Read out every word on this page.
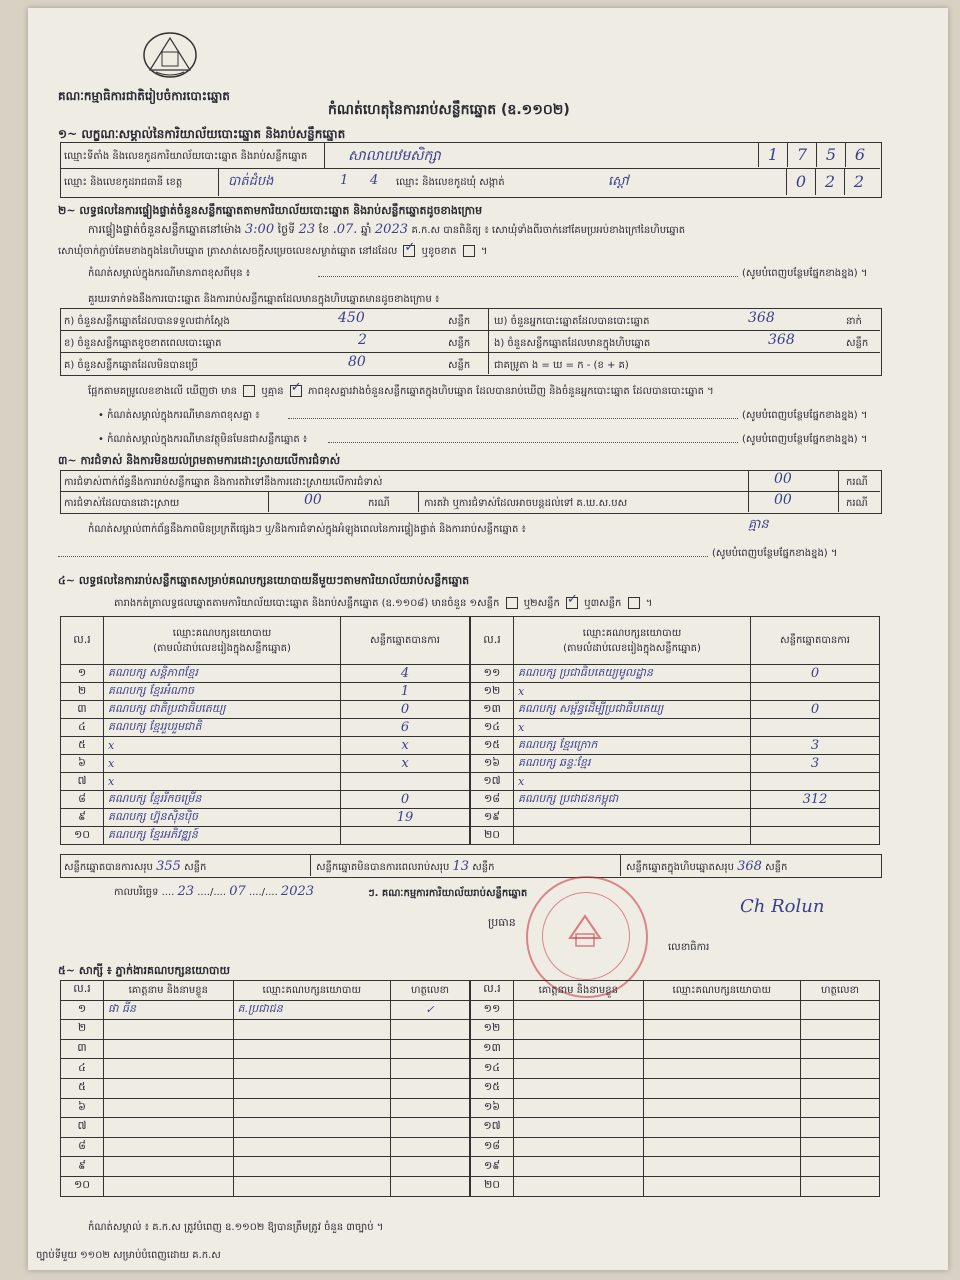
គណៈកម្មាធិការជាតិរៀបចំការបោះឆ្នោត
កំណត់ហេតុនៃការរាប់សន្លឹកឆ្នោត (ឧ.១១០២)
១~ លក្ខណៈសម្គាល់នៃការិយាល័យបោះឆ្នោត និងរាប់សន្លឹកឆ្នោត
ឈ្មោះទីតាំង និងលេខកូដការិយាល័យបោះឆ្នោត និងរាប់សន្លឹកឆ្នោត	សាលាបឋមសិក្សា	1 7 5 6
ឈ្មោះ និងលេខកូដរាជធានី ខេត្ត	បាត់ដំបង	1 4 ឈ្មោះ និងលេខកូដឃុំ សង្កាត់	ស្ដៅ	0 2 2
២~ លទ្ធផលនៃការផ្ទៀងផ្ទាត់ចំនួនសន្លឹកឆ្នោតតាមការិយាល័យបោះឆ្នោត និងរាប់សន្លឹកឆ្នោតដូចខាងក្រោម
ការផ្ទៀងផ្ទាត់ចំនួនសន្លឹកឆ្នោតនៅម៉ោង 3:00 ថ្ងៃទី 23 ខែ .07. ឆ្នាំ 2023 គ.ក.ស បានពិនិត្យ ៖ សោឃុំទាំងពីរចាក់នៅគែមប្រអប់ខាងក្រៅនៃហិបឆ្នោត
សោឃុំចាក់ភ្ជាប់គែមខាងក្នុងនៃហិបឆ្នោត ត្រាសាត់សេចក្ដីសម្រេចលេខសម្ងាត់ឆ្នោត នៅដដែល ✓ ឬខូចខាត  ។
កំណត់សម្គាល់ក្នុងករណីមានភាពខុសពីមុន ៖	(សូមបំពេញបន្ថែមផ្នែកខាងខ្នង) ។
គួរឃរទាក់ទងនឹងការបោះឆ្នោត និងការរាប់សន្លឹកឆ្នោតដែលមានក្នុងហិបឆ្នោតមានដូចខាងក្រោម ៖
ក) ចំនួនសន្លឹកឆ្នោតដែលបានទទួលជាក់ស្ដែង	450	សន្លឹក
ខ) ចំនួនសន្លឹកឆ្នោតខូចខាតពេលបោះឆ្នោត	2	សន្លឹក
គ) ចំនួនសន្លឹកឆ្នោតដែលមិនបានប្រើ	80	សន្លឹក
ឃ) ចំនួនអ្នកបោះឆ្នោតដែលបានបោះឆ្នោត	368	នាក់
ង) ចំនួនសន្លឹកឆ្នោតដែលមានក្នុងហិបឆ្នោត	368	សន្លឹក
ជាគម្រូតា ង = ឃ = ក - (ខ + គ)
ផ្អែកតាមគម្រូលេខខាងលើ ឃើញថា មាន ឬគ្មាន ✓ ភាពខុសគ្នារវាងចំនួនសន្លឹកឆ្នោតក្នុងហិបឆ្នោត ដែលបានរាប់ឃើញ និងចំនួនអ្នកបោះឆ្នោត ដែលបានបោះឆ្នោត ។
• កំណត់សម្គាល់ក្នុងករណីមានភាពខុសគ្នា ៖	(សូមបំពេញបន្ថែមផ្នែកខាងខ្នង) ។
• កំណត់សម្គាល់ក្នុងករណីមានវត្ថុមិនមែនជាសន្លឹកឆ្នោត ៖	(សូមបំពេញបន្ថែមផ្នែកខាងខ្នង) ។
៣~ ការជំទាស់ និងការមិនយល់ព្រមតាមការដោះស្រាយលើការជំទាស់
ការជំទាស់ពាក់ព័ន្ធនឹងការរាប់សន្លឹកឆ្នោត និងការតវ៉ាទៅនឹងការដោះស្រាយលើការជំទាស់	00	ករណី
ការជំទាស់ដែលបានដោះស្រាយ	00	ករណី	ការតវ៉ា ឬការជំទាស់ដែលអាចបន្តដល់ទៅ គ.ឃ.ស.បស	00	ករណី
កំណត់សម្គាល់ពាក់ព័ន្ធនឹងភាពមិនប្រក្រតីផ្សេងៗ ឬ/និងការជំទាស់ក្នុងអំឡុងពេលនៃការផ្ទៀងផ្ទាត់ និងការរាប់សន្លឹកឆ្នោត ៖	គ្មាន
(សូមបំពេញបន្ថែមផ្នែកខាងខ្នង) ។
៤~ លទ្ធផលនៃការរាប់សន្លឹកឆ្នោតសម្រាប់គណបក្សនយោបាយនីមួយៗតាមការិយាល័យរាប់សន្លឹកឆ្នោត
តារាងកត់ត្រាលទ្ធផលឆ្នោតតាមការិយាល័យបោះឆ្នោត និងរាប់សន្លឹកឆ្នោត (ឧ.១១០៨) មានចំនួន ១សន្លឹក ឬ២សន្លឹក ✓ ឬ៣សន្លឹក  ។
ល.រ	ឈ្មោះគណបក្សនយោបាយ
(តាមលំដាប់លេខរៀងក្នុងសន្លឹកឆ្នោត)	សន្លឹកឆ្នោតបានការ
១	គណបក្ស សន្តិភាពខ្មែរ	4
២	គណបក្ស ខ្មែរអំណាច	1
៣	គណបក្ស ជាតិប្រជាធិបតេយ្យ	0
៤	គណបក្ស ខ្មែររួបរួមជាតិ	6
៥	x	x
៦	x	x
៧	x	
៨	គណបក្ស ខ្មែររីកចម្រើន	0
៩	គណបក្ស ហ្វ៊ុនស៊ិនប៉ិច	19
១០	គណបក្ស ខ្មែរអភិវឌ្ឍន៍	
ល.រ	ឈ្មោះគណបក្សនយោបាយ
(តាមលំដាប់លេខរៀងក្នុងសន្លឹកឆ្នោត)	សន្លឹកឆ្នោតបានការ
១១	គណបក្ស ប្រជាធិបតេយ្យមូលដ្ឋាន	0
១២	x	
១៣	គណបក្ស សម្ព័ន្ធដើម្បីប្រជាធិបតេយ្យ	0
១៤	x	
១៥	គណបក្ស ខ្មែរក្រោក	3
១៦	គណបក្ស ឆន្ទៈខ្មែរ	3
១៧	x	
១៨	គណបក្ស ប្រជាជនកម្ពុជា	312
១៩		
២០		
សន្លឹកឆ្នោតបានការសរុប 355 សន្លឹក	សន្លឹកឆ្នោតមិនបានការពេលរាប់សរុប 13 សន្លឹក	សន្លឹកឆ្នោតក្នុងហិបឆ្នោតសរុប 368 សន្លឹក
កាលបរិច្ឆេទ .... 23 ..../.... 07 ..../.... 2023	ៗ. គណៈកម្មការការិយាល័យរាប់សន្លឹកឆ្នោត
ប្រធាន
Ch Rolun
លេខាធិការ
៥~ សាក្សី ៖ ភ្នាក់ងារគណបក្សនយោបាយ
ល.រ	គោត្តនាម និងនាមខ្លួន	ឈ្មោះគណបក្សនយោបាយ	ហត្ថលេខា
១	ផា ធីន	គ.ប្រជាជន	✓
២			
៣			
៤			
៥			
៦			
៧			
៨			
៩			
១០			
ល.រ	គោត្តនាម និងនាមខ្លួន	ឈ្មោះគណបក្សនយោបាយ	ហត្ថលេខា
១១			
១២			
១៣			
១៤			
១៥			
១៦			
១៧			
១៨			
១៩			
២០			
កំណត់សម្គាល់ ៖ គ.ក.ស ត្រូវបំពេញ ឧ.១១០២ ឱ្យបានត្រឹមត្រូវ ចំនួន ៣ច្បាប់ ។
ច្បាប់ទីមួយ ១១០២ សម្រាប់បំពេញដោយ គ.ក.ស
